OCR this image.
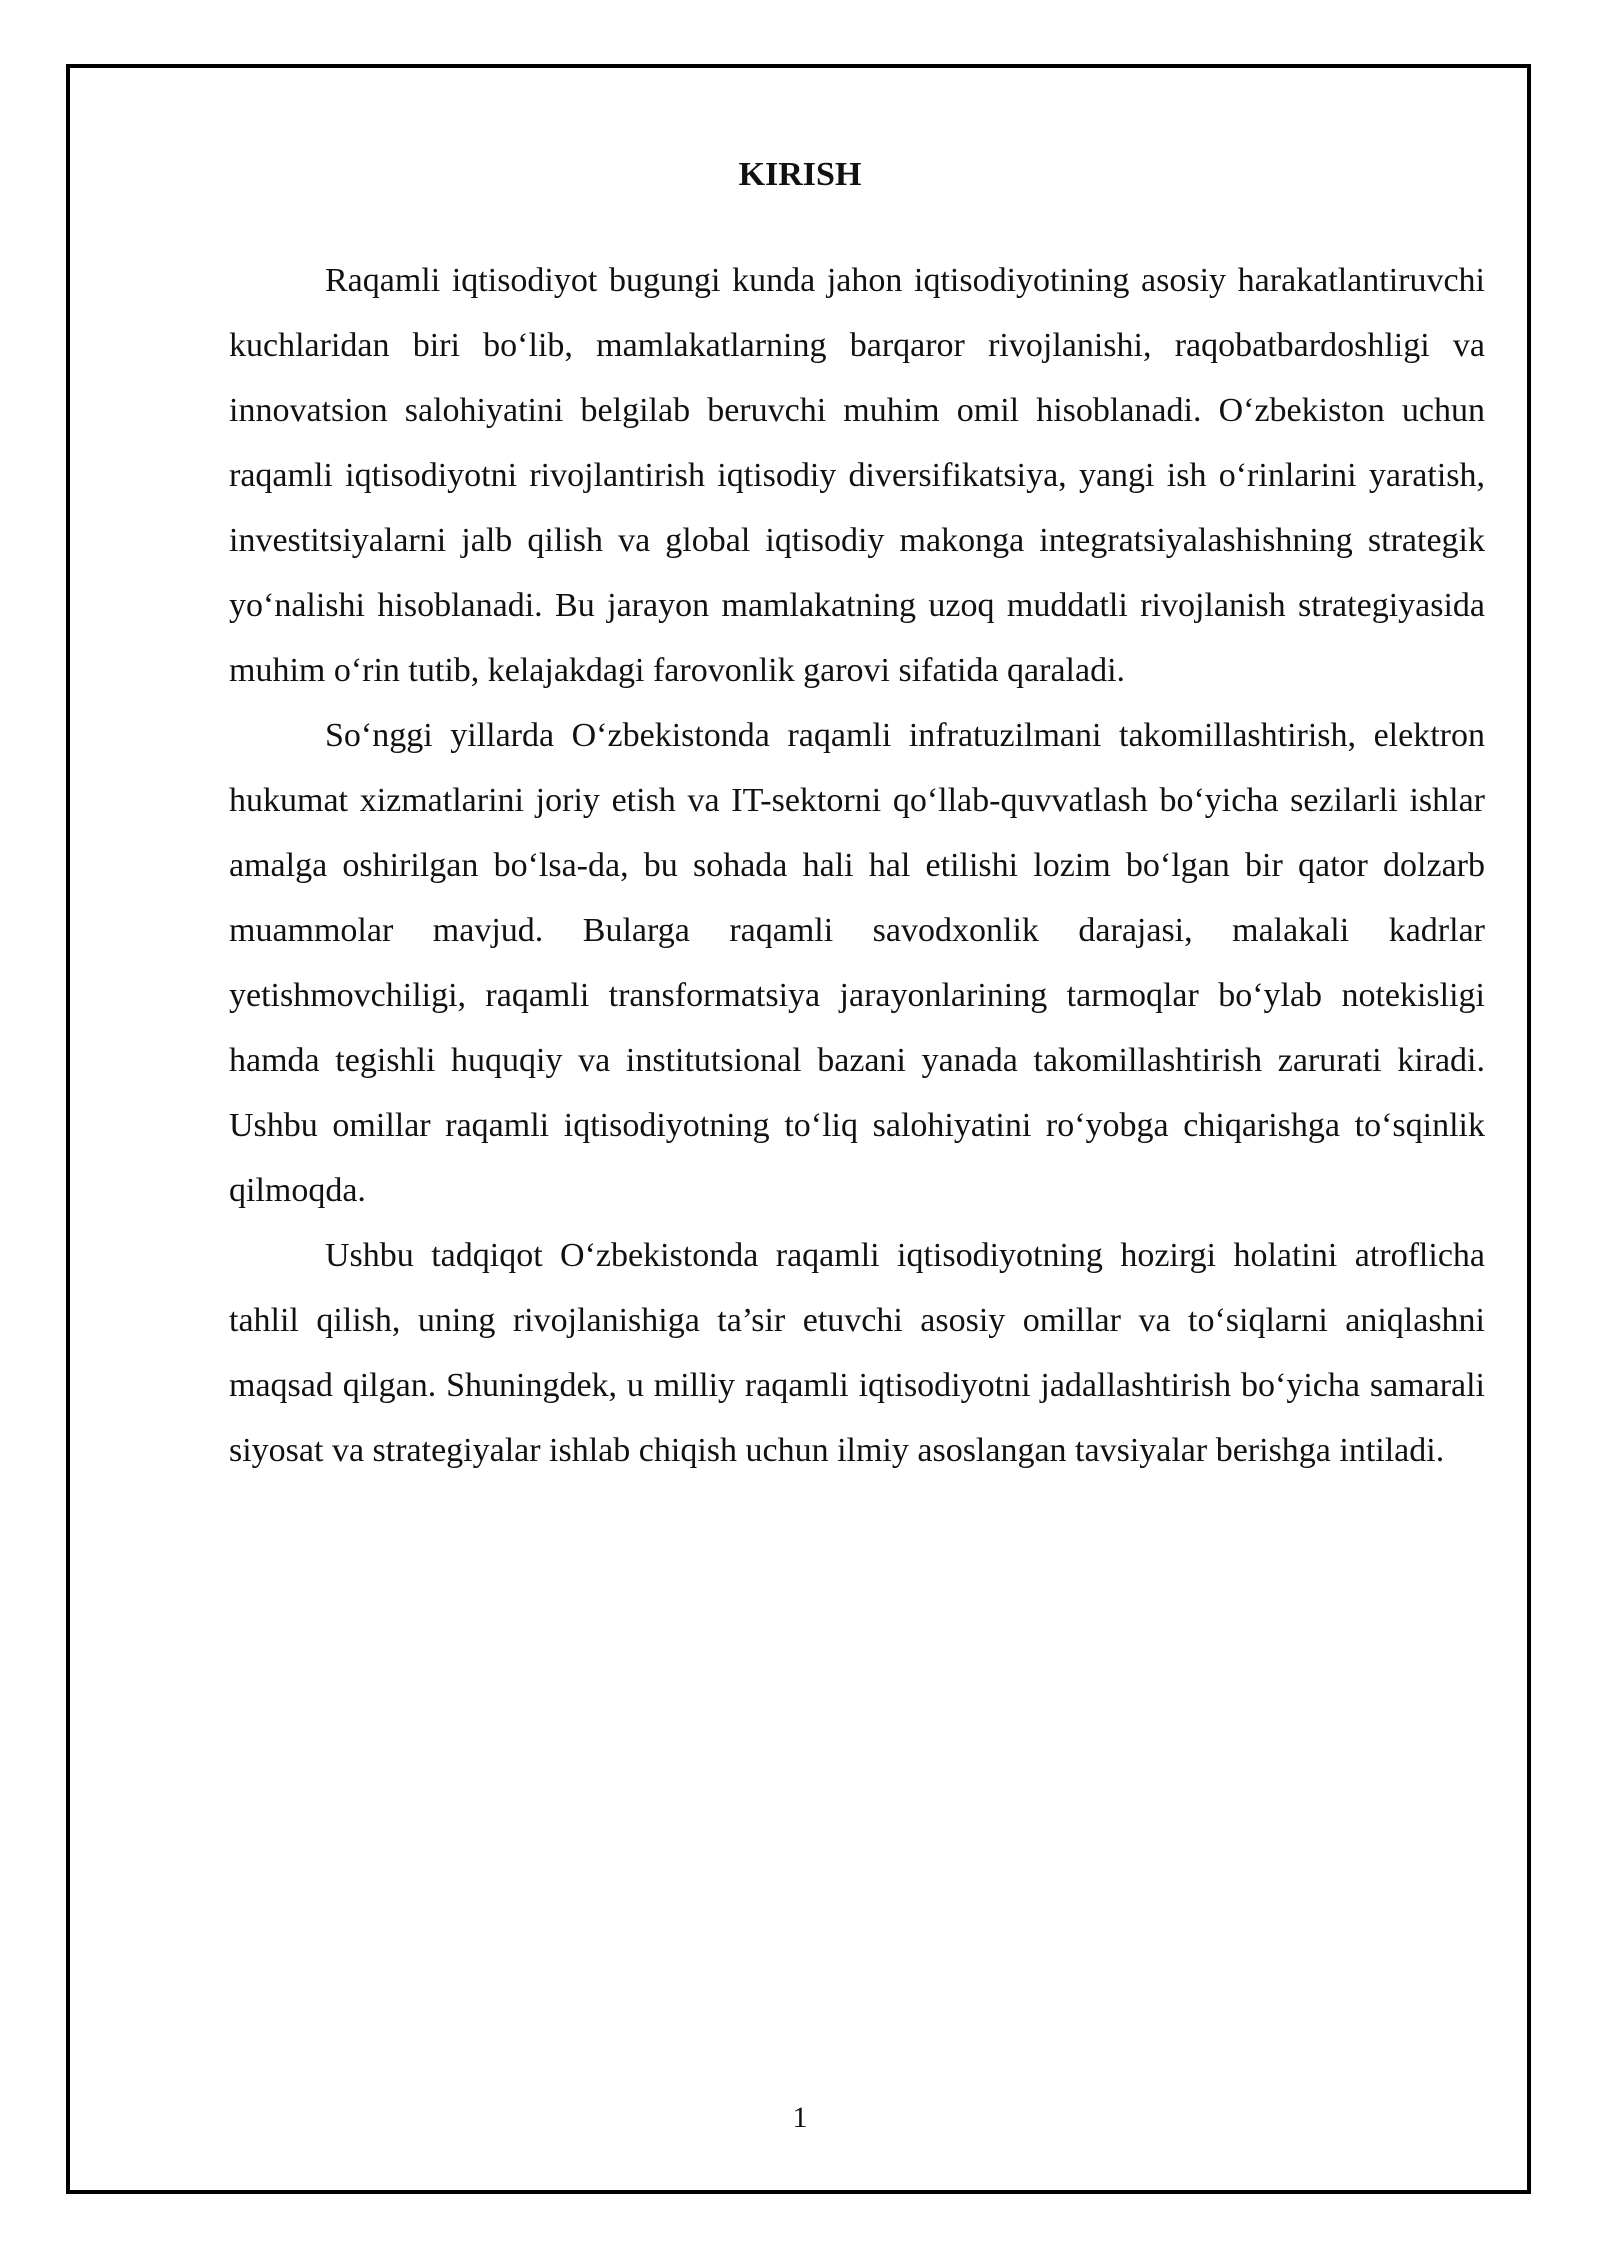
KIRISH

Raqamli iqtisodiyot bugungi kunda jahon iqtisodiyotining asosiy harakatlantiruvchi kuchlaridan biri bo‘lib, mamlakatlarning barqaror rivojlanishi, raqobatbardoshligi va innovatsion salohiyatini belgilab beruvchi muhim omil hisoblanadi. O‘zbekiston uchun raqamli iqtisodiyotni rivojlantirish iqtisodiy diversifikatsiya, yangi ish o‘rinlarini yaratish, investitsiyalarni jalb qilish va global iqtisodiy makonga integratsiyalashishning strategik yo‘nalishi hisoblanadi. Bu jarayon mamlakatning uzoq muddatli rivojlanish strategiyasida muhim o‘rin tutib, kelajakdagi farovonlik garovi sifatida qaraladi.

So‘nggi yillarda O‘zbekistonda raqamli infratuzilmani takomillashtirish, elektron hukumat xizmatlarini joriy etish va IT-sektorni qo‘llab-quvvatlash bo‘yicha sezilarli ishlar amalga oshirilgan bo‘lsa-da, bu sohada hali hal etilishi lozim bo‘lgan bir qator dolzarb muammolar mavjud. Bularga raqamli savodxonlik darajasi, malakali kadrlar yetishmovchiligi, raqamli transformatsiya jarayonlarining tarmoqlar bo‘ylab notekisligi hamda tegishli huquqiy va institutsional bazani yanada takomillashtirish zarurati kiradi. Ushbu omillar raqamli iqtisodiyotning to‘liq salohiyatini ro‘yobga chiqarishga to‘sqinlik qilmoqda.

Ushbu tadqiqot O‘zbekistonda raqamli iqtisodiyotning hozirgi holatini atroflicha tahlil qilish, uning rivojlanishiga ta’sir etuvchi asosiy omillar va to‘siqlarni aniqlashni maqsad qilgan. Shuningdek, u milliy raqamli iqtisodiyotni jadallashtirish bo‘yicha samarali siyosat va strategiyalar ishlab chiqish uchun ilmiy asoslangan tavsiyalar berishga intiladi.

1
